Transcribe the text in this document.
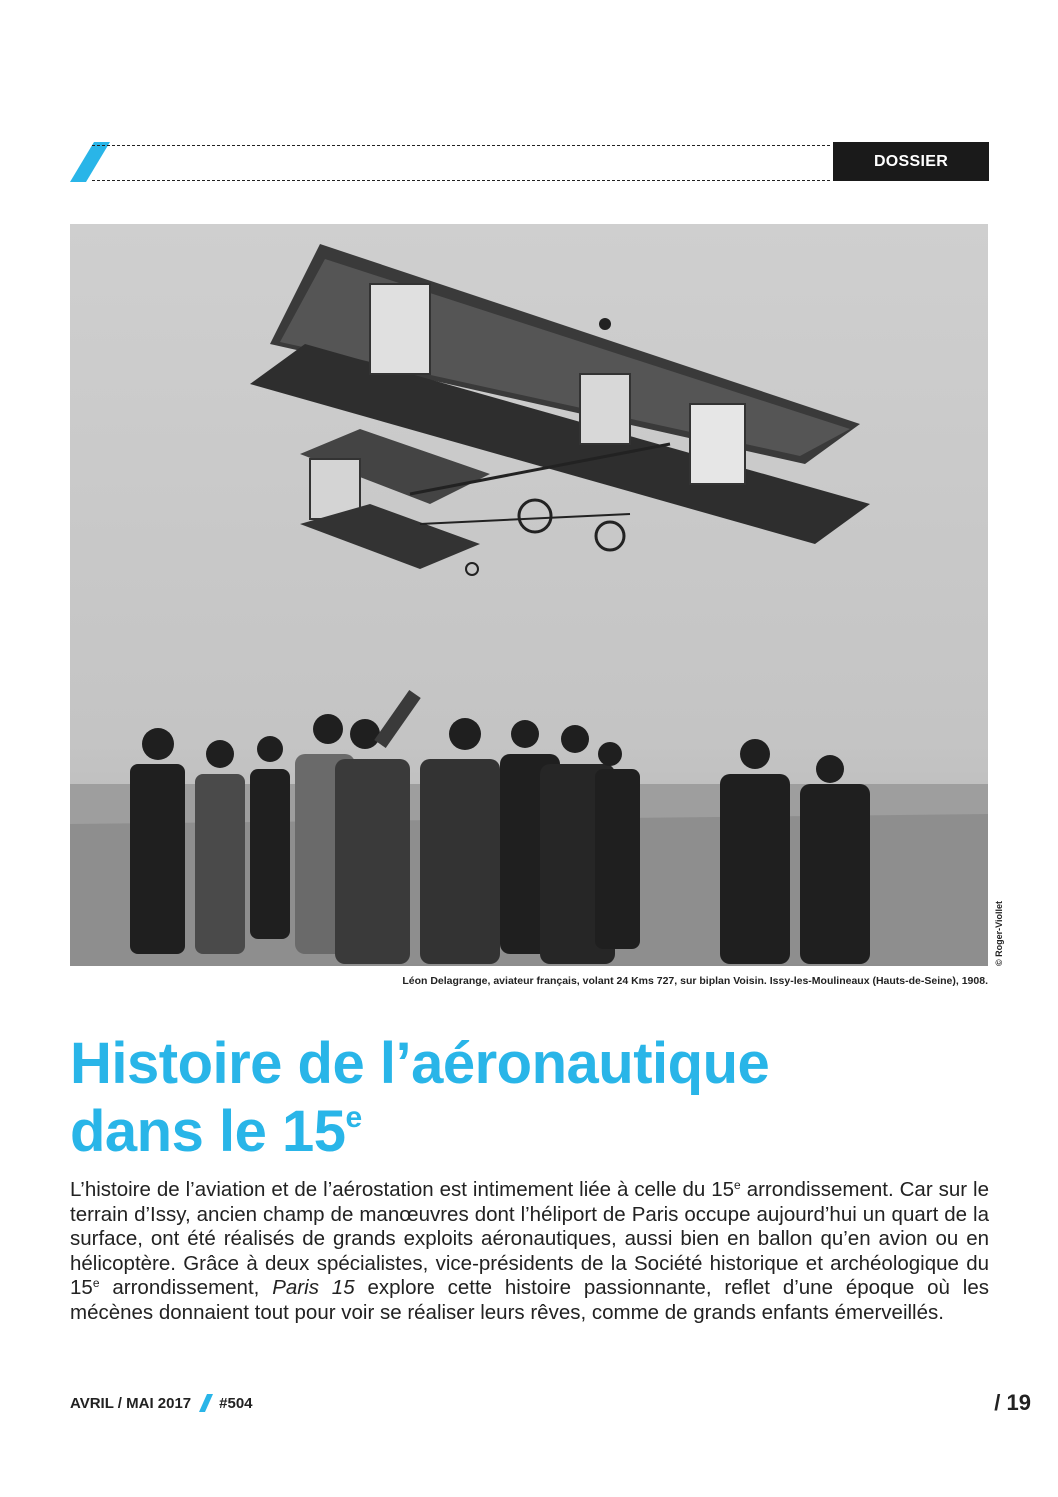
DOSSIER
© Roger-Viollet
Léon Delagrange, aviateur français, volant 24 Kms 727, sur biplan Voisin. Issy-les-Moulineaux (Hauts-de-Seine), 1908.
Histoire de l’aéronautique
dans le 15e

L’histoire de l’aviation et de l’aérostation est intimement liée à celle du 15e arrondissement. Car sur le terrain d’Issy, ancien champ de manœuvres dont l’héliport de Paris occupe aujourd’hui un quart de la surface, ont été réalisés de grands exploits aéronautiques, aussi bien en ballon qu’en avion ou en hélicoptère. Grâce à deux spécialistes, vice-présidents de la Société historique et archéologique du 15e arrondissement, Paris 15 explore cette histoire passionnante, reflet d’une époque où les mécènes donnaient tout pour voir se réaliser leurs rêves, comme de grands enfants émerveillés.

AVRIL / MAI 2017 #504	/ 19
